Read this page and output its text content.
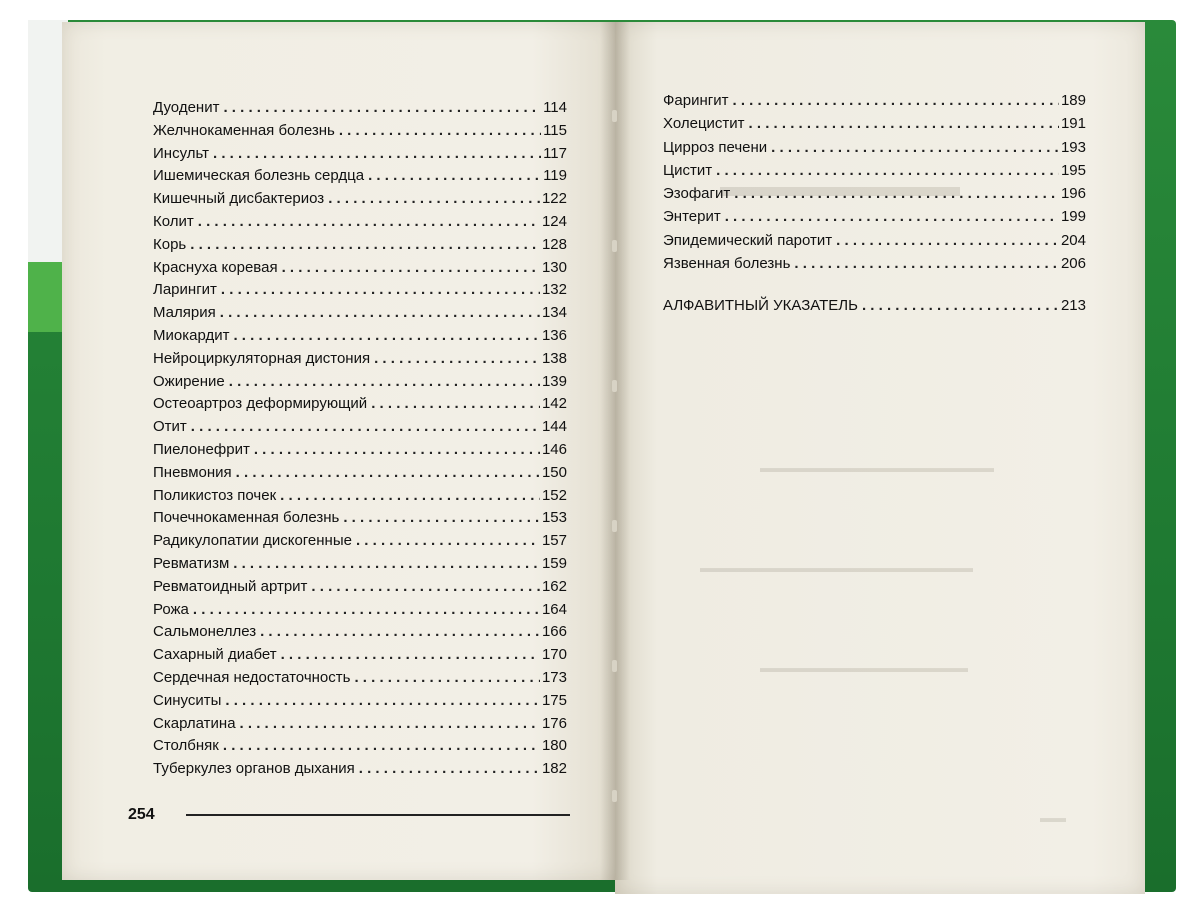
▬▬▬▬▬▬▬▬
▬▬▬▬▬▬▬▬▬▬▬▬▬▬▬▬▬▬
▬▬▬▬▬▬▬▬▬▬▬▬▬▬▬▬▬▬▬▬▬
▬▬▬▬▬▬▬▬▬▬▬▬▬▬▬▬
▬▬
Дуоденит . . .	114
Желчнокаменная болезнь . . .	115
Инсульт . . .	117
Ишемическая болезнь сердца . . .	119
Кишечный дисбактериоз . . .	122
Колит . . .	124
Корь . . .	128
Краснуха коревая . . .	130
Ларингит . . .	132
Малярия . . .	134
Миокардит . . .	136
Нейроциркуляторная дистония . . .	138
Ожирение . . .	139
Остеоартроз деформирующий . . .	142
Отит . . .	144
Пиелонефрит . . .	146
Пневмония . . .	150
Поликистоз почек . . .	152
Почечнокаменная болезнь . . .	153
Радикулопатии дискогенные . . .	157
Ревматизм . . .	159
Ревматоидный артрит . . .	162
Рожа . . .	164
Сальмонеллез . . .	166
Сахарный диабет . . .	170
Сердечная недостаточность . . .	173
Синуситы . . .	175
Скарлатина . . .	176
Столбняк . . .	180
Туберкулез органов дыхания . . .	182
254
Фарингит . . .	189
Холецистит . . .	191
Цирроз печени . . .	193
Цистит . . .	195
Эзофагит . . .	196
Энтерит . . .	199
Эпидемический паротит . . .	204
Язвенная болезнь . . .	206
АЛФАВИТНЫЙ УКАЗАТЕЛЬ . . .	213
